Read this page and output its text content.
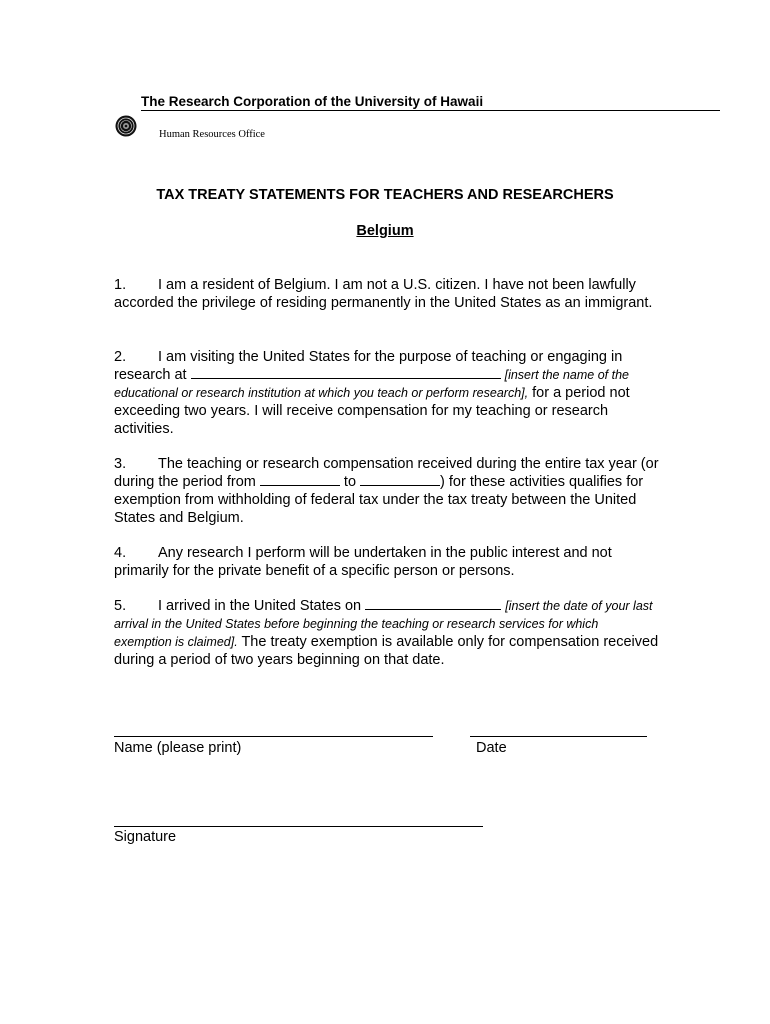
The Research Corporation of the University of Hawaii
Human Resources Office
TAX TREATY STATEMENTS FOR TEACHERS AND RESEARCHERS
Belgium
1. I am a resident of Belgium. I am not a U.S. citizen. I have not been lawfully accorded the privilege of residing permanently in the United States as an immigrant.
2. I am visiting the United States for the purpose of teaching or engaging in research at	[insert the name of the educational or research institution at which you teach or perform research], for a period not exceeding two years. I will receive compensation for my teaching or research activities.
3. The teaching or research compensation received during the entire tax year (or during the period from	to	) for these activities qualifies for exemption from withholding of federal tax under the tax treaty between the United States and Belgium.
4. Any research I perform will be undertaken in the public interest and not primarily for the private benefit of a specific person or persons.
5. I arrived in the United States on	[insert the date of your last arrival in the United States before beginning the teaching or research services for which exemption is claimed]. The treaty exemption is available only for compensation received during a period of two years beginning on that date.
Name (please print)	Date
Signature
